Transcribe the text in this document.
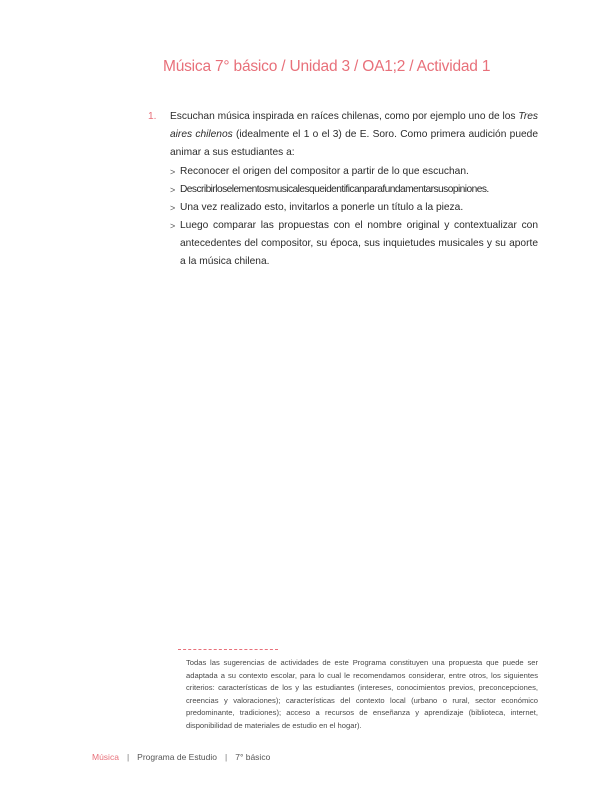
Música 7° básico / Unidad 3 / OA1;2 / Actividad 1
1. Escuchan música inspirada en raíces chilenas, como por ejemplo uno de los Tres aires chilenos (idealmente el 1 o el 3) de E. Soro. Como primera audición puede animar a sus estudiantes a:

> Reconocer el origen del compositor a partir de lo que escuchan.
> Describirloselementosmusicalesqueidentificanparafundamentarsusopiniones.
> Una vez realizado esto, invitarlos a ponerle un título a la pieza.
> Luego comparar las propuestas con el nombre original y contextualizar con antecedentes del compositor, su época, sus inquietudes musicales y su aporte a la música chilena.
Todas las sugerencias de actividades de este Programa constituyen una propuesta que puede ser adaptada a su contexto escolar, para lo cual le recomendamos considerar, entre otros, los siguientes criterios: características de los y las estudiantes (intereses, conocimientos previos, preconcepciones, creencias y valoraciones); características del contexto local (urbano o rural, sector económico predominante, tradiciones); acceso a recursos de enseñanza y aprendizaje (biblioteca, internet, disponibilidad de materiales de estudio en el hogar).
Música | Programa de Estudio | 7° básico
